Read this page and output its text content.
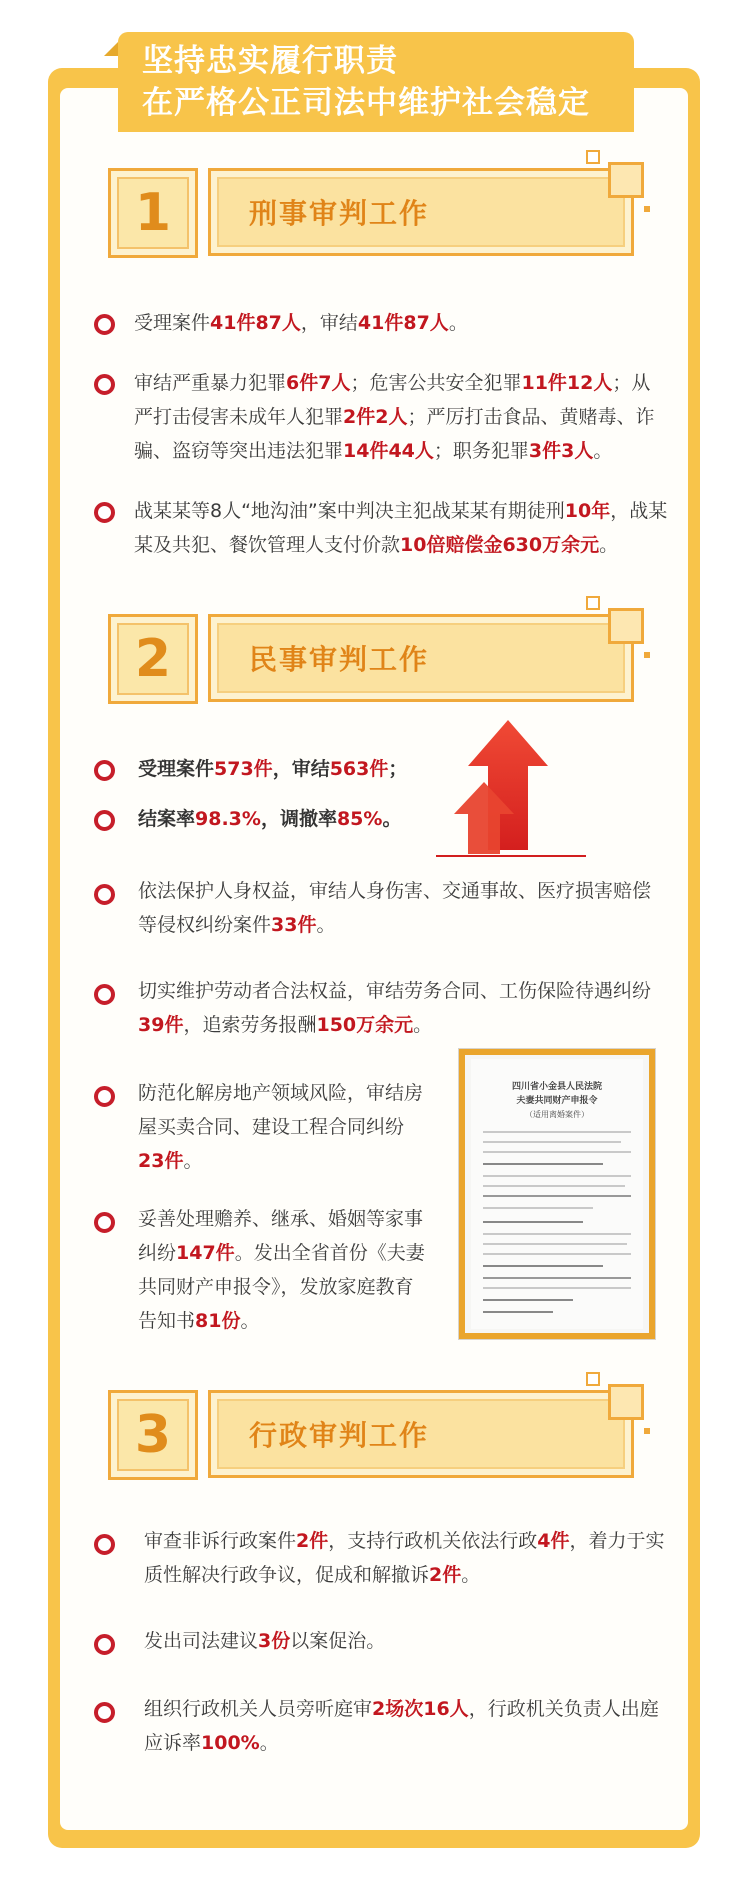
坚持忠实履行职责
在严格公正司法中维护社会稳定
1	刑事审判工作
受理案件41件87人，审结41件87人。
审结严重暴力犯罪6件7人；危害公共安全犯罪11件12人；从严打击侵害未成年人犯罪2件2人；严厉打击食品、黄赌毒、诈骗、盗窃等突出违法犯罪14件44人；职务犯罪3件3人。
战某某等8人“地沟油”案中判决主犯战某某有期徒刑10年，战某某及共犯、餐饮管理人支付价款10倍赔偿金630万余元。
2	民事审判工作
受理案件573件，审结563件；
结案率98.3%，调撤率85%。
依法保护人身权益，审结人身伤害、交通事故、医疗损害赔偿等侵权纠纷案件33件。
切实维护劳动者合法权益，审结劳务合同、工伤保险待遇纠纷39件，追索劳务报酬150万余元。
防范化解房地产领域风险，审结房屋买卖合同、建设工程合同纠纷23件。
妥善处理赡养、继承、婚姻等家事纠纷147件。发出全省首份《夫妻共同财产申报令》，发放家庭教育告知书81份。
四川省小金县人民法院
夫妻共同财产申报令
（适用离婚案件）
3	行政审判工作
审查非诉行政案件2件，支持行政机关依法行政4件，着力于实质性解决行政争议，促成和解撤诉2件。
发出司法建议3份以案促治。
组织行政机关人员旁听庭审2场次16人，行政机关负责人出庭应诉率100%。
